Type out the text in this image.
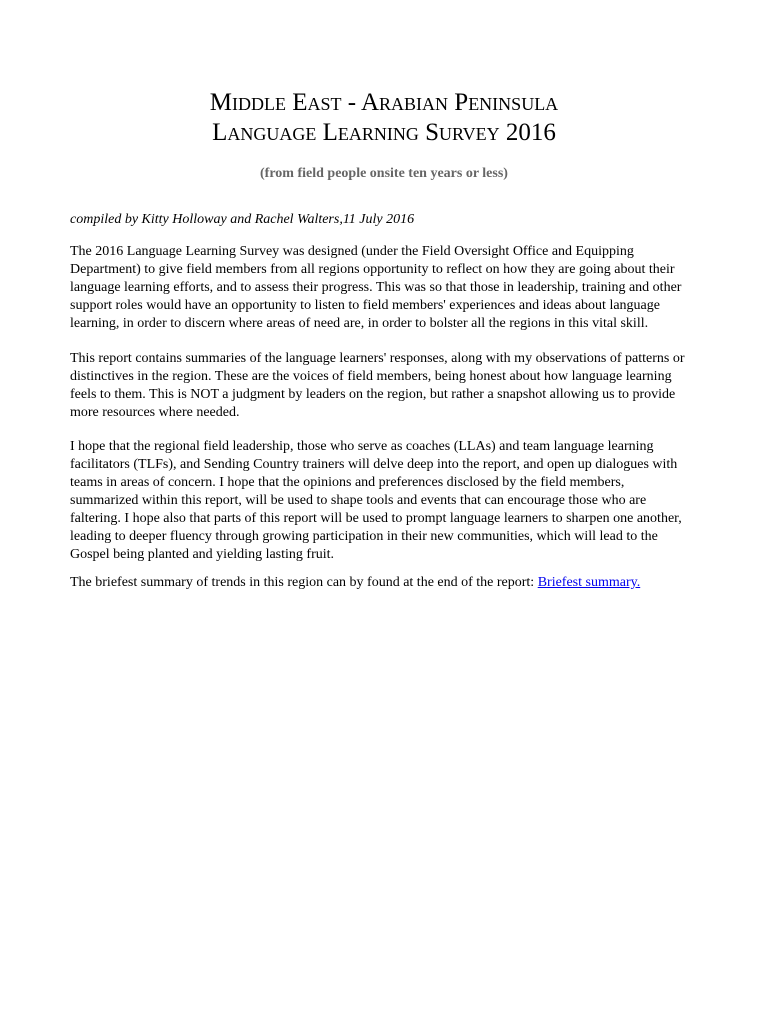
Middle East - Arabian Peninsula
Language Learning Survey 2016

(from field people onsite ten years or less)

compiled by Kitty Holloway and Rachel Walters,11 July 2016

The 2016 Language Learning Survey was designed (under the Field Oversight Office and Equipping
Department) to give field members from all regions opportunity to reflect on how they are going about their
language learning efforts, and to assess their progress. This was so that those in leadership, training and other
support roles would have an opportunity to listen to field members' experiences and ideas about language
learning, in order to discern where areas of need are, in order to bolster all the regions in this vital skill.

This report contains summaries of the language learners' responses, along with my observations of patterns or
distinctives in the region. These are the voices of field members, being honest about how language learning
feels to them. This is NOT a judgment by leaders on the region, but rather a snapshot allowing us to provide
more resources where needed.

I hope that the regional field leadership, those who serve as coaches (LLAs) and team language learning
facilitators (TLFs), and Sending Country trainers will delve deep into the report, and open up dialogues with
teams in areas of concern. I hope that the opinions and preferences disclosed by the field members,
summarized within this report, will be used to shape tools and events that can encourage those who are
faltering. I hope also that parts of this report will be used to prompt language learners to sharpen one another,
leading to deeper fluency through growing participation in their new communities, which will lead to the
Gospel being planted and yielding lasting fruit.

The briefest summary of trends in this region can by found at the end of the report: Briefest summary.
